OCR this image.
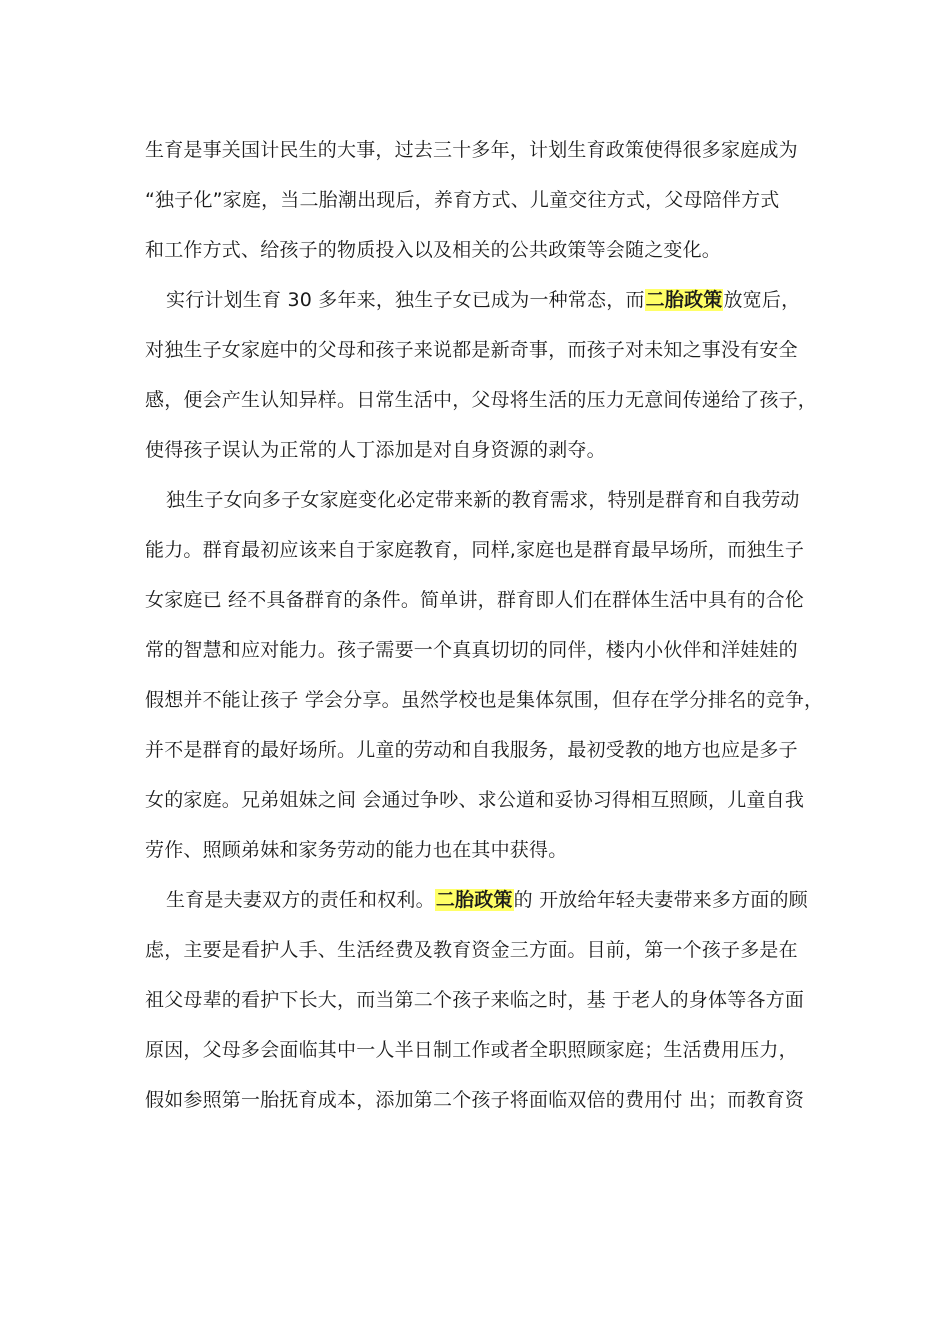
生育是事关国计民生的大事，过去三十多年，计划生育政策使得很多家庭成为
“独子化”家庭，当二胎潮出现后，养育方式、儿童交往方式，父母陪伴方式
和工作方式、给孩子的物质投入以及相关的公共政策等会随之变化。
实行计划生育 30 多年来，独生子女已成为一种常态，而二胎政策放宽后，
对独生子女家庭中的父母和孩子来说都是新奇事，而孩子对未知之事没有安全
感，便会产生认知异样。日常生活中，父母将生活的压力无意间传递给了孩子，
使得孩子误认为正常的人丁添加是对自身资源的剥夺。
独生子女向多子女家庭变化必定带来新的教育需求，特别是群育和自我劳动
能力。群育最初应该来自于家庭教育，同样,家庭也是群育最早场所，而独生子
女家庭已 经不具备群育的条件。简单讲，群育即人们在群体生活中具有的合伦
常的智慧和应对能力。孩子需要一个真真切切的同伴，楼内小伙伴和洋娃娃的
假想并不能让孩子 学会分享。虽然学校也是集体氛围，但存在学分排名的竞争，
并不是群育的最好场所。儿童的劳动和自我服务，最初受教的地方也应是多子
女的家庭。兄弟姐妹之间 会通过争吵、求公道和妥协习得相互照顾，儿童自我
劳作、照顾弟妹和家务劳动的能力也在其中获得。
生育是夫妻双方的责任和权利。二胎政策的 开放给年轻夫妻带来多方面的顾
虑，主要是看护人手、生活经费及教育资金三方面。目前，第一个孩子多是在
祖父母辈的看护下长大，而当第二个孩子来临之时，基 于老人的身体等各方面
原因，父母多会面临其中一人半日制工作或者全职照顾家庭；生活费用压力，
假如参照第一胎抚育成本，添加第二个孩子将面临双倍的费用付 出；而教育资
